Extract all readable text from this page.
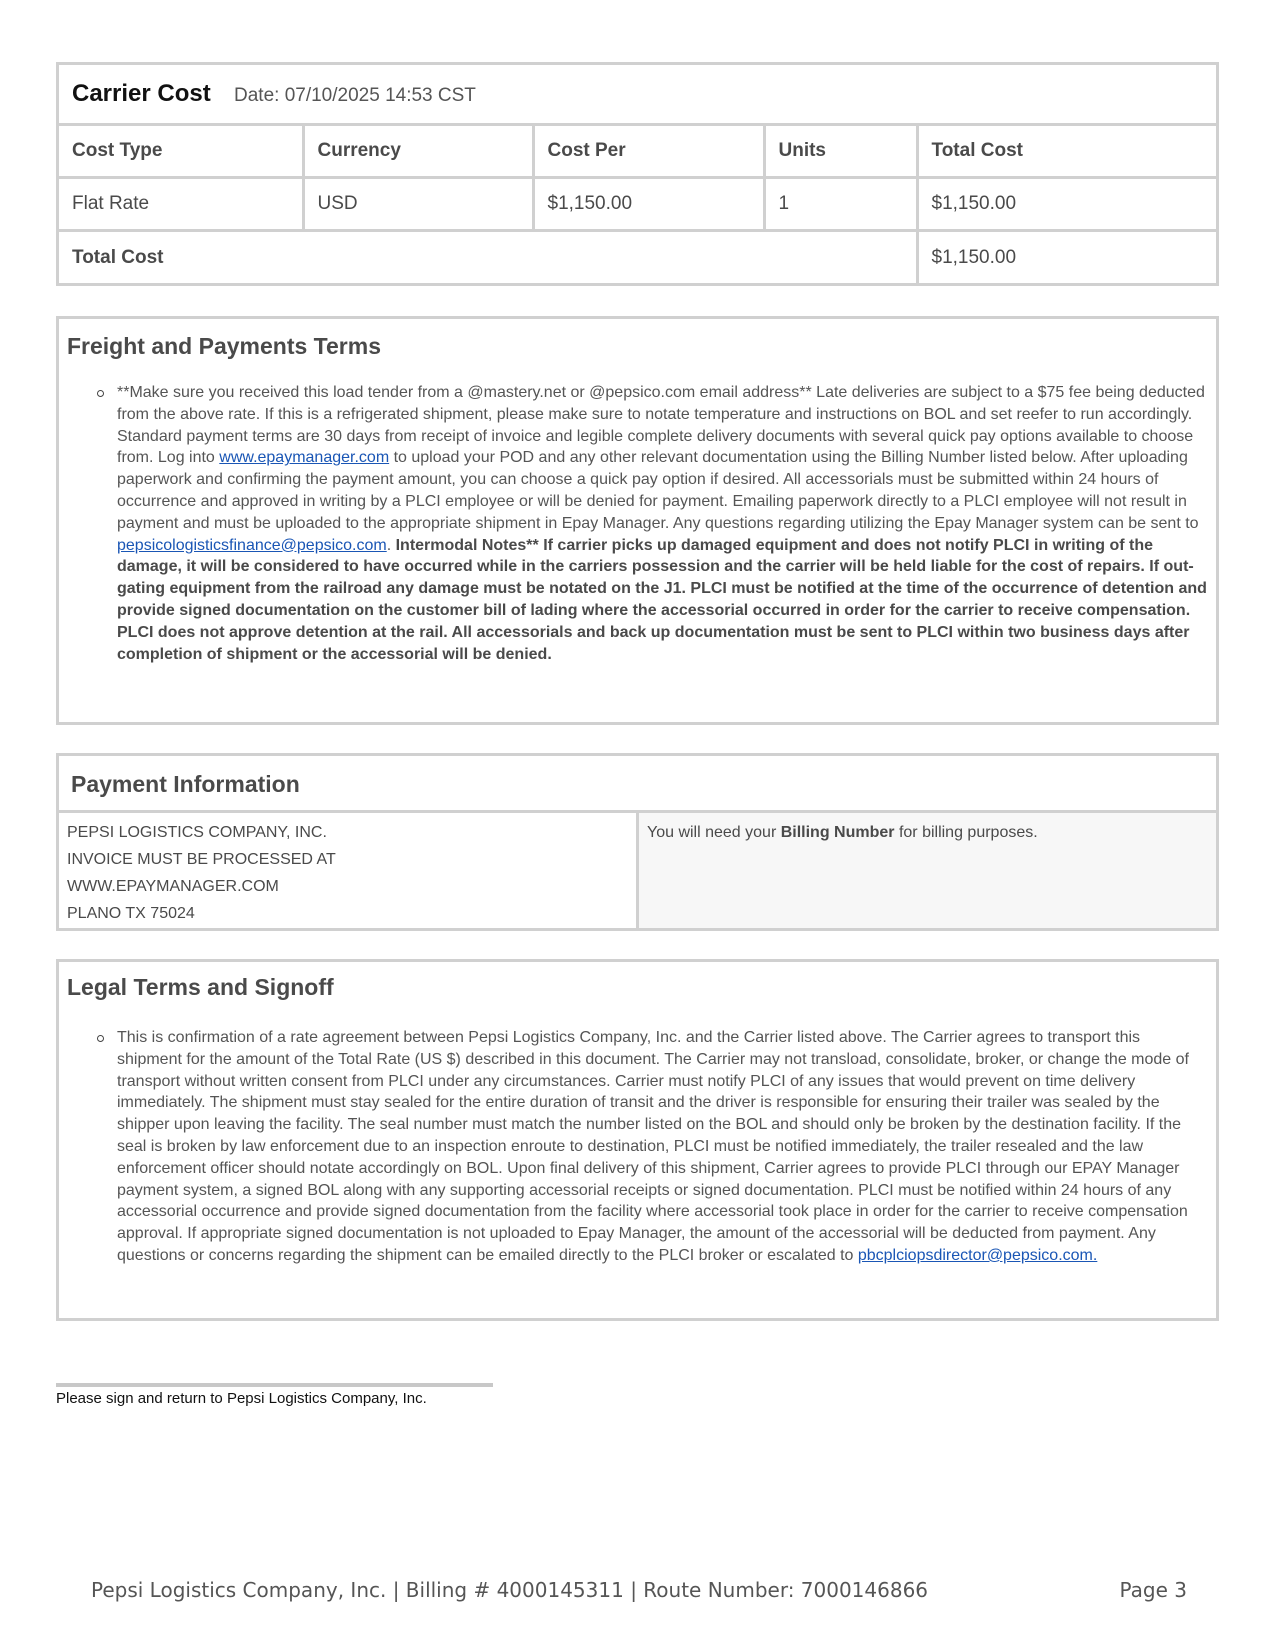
Carrier Cost Date: 07/10/2025 14:53 CST				
Cost Type	Currency	Cost Per	Units	Total Cost
Flat Rate	USD	$1,150.00	1	$1,150.00
Total Cost				$1,150.00
Freight and Payments Terms
**Make sure you received this load tender from a @mastery.net or @pepsico.com email address** Late deliveries are subject to a $75 fee being deducted from the above rate. If this is a refrigerated shipment, please make sure to notate temperature and instructions on BOL and set reefer to run accordingly. Standard payment terms are 30 days from receipt of invoice and legible complete delivery documents with several quick pay options available to choose from. Log into www.epaymanager.com to upload your POD and any other relevant documentation using the Billing Number listed below. After uploading paperwork and confirming the payment amount, you can choose a quick pay option if desired. All accessorials must be submitted within 24 hours of occurrence and approved in writing by a PLCI employee or will be denied for payment. Emailing paperwork directly to a PLCI employee will not result in payment and must be uploaded to the appropriate shipment in Epay Manager. Any questions regarding utilizing the Epay Manager system can be sent to pepsicologisticsfinance@pepsico.com. Intermodal Notes** If carrier picks up damaged equipment and does not notify PLCI in writing of the damage, it will be considered to have occurred while in the carriers possession and the carrier will be held liable for the cost of repairs. If out-gating equipment from the railroad any damage must be notated on the J1. PLCI must be notified at the time of the occurrence of detention and provide signed documentation on the customer bill of lading where the accessorial occurred in order for the carrier to receive compensation. PLCI does not approve detention at the rail. All accessorials and back up documentation must be sent to PLCI within two business days after completion of shipment or the accessorial will be denied.
Payment Information
PEPSI LOGISTICS COMPANY, INC.
INVOICE MUST BE PROCESSED AT
WWW.EPAYMANAGER.COM
PLANO TX 75024
You will need your Billing Number for billing purposes.
Legal Terms and Signoff
This is confirmation of a rate agreement between Pepsi Logistics Company, Inc. and the Carrier listed above. The Carrier agrees to transport this shipment for the amount of the Total Rate (US $) described in this document. The Carrier may not transload, consolidate, broker, or change the mode of transport without written consent from PLCI under any circumstances. Carrier must notify PLCI of any issues that would prevent on time delivery immediately. The shipment must stay sealed for the entire duration of transit and the driver is responsible for ensuring their trailer was sealed by the shipper upon leaving the facility. The seal number must match the number listed on the BOL and should only be broken by the destination facility. If the seal is broken by law enforcement due to an inspection enroute to destination, PLCI must be notified immediately, the trailer resealed and the law enforcement officer should notate accordingly on BOL. Upon final delivery of this shipment, Carrier agrees to provide PLCI through our EPAY Manager payment system, a signed BOL along with any supporting accessorial receipts or signed documentation. PLCI must be notified within 24 hours of any accessorial occurrence and provide signed documentation from the facility where accessorial took place in order for the carrier to receive compensation approval. If appropriate signed documentation is not uploaded to Epay Manager, the amount of the accessorial will be deducted from payment. Any questions or concerns regarding the shipment can be emailed directly to the PLCI broker or escalated to pbcplciopsdirector@pepsico.com.
Please sign and return to Pepsi Logistics Company, Inc.
Pepsi Logistics Company, Inc. | Billing # 4000145311 | Route Number: 7000146866	Page 3
